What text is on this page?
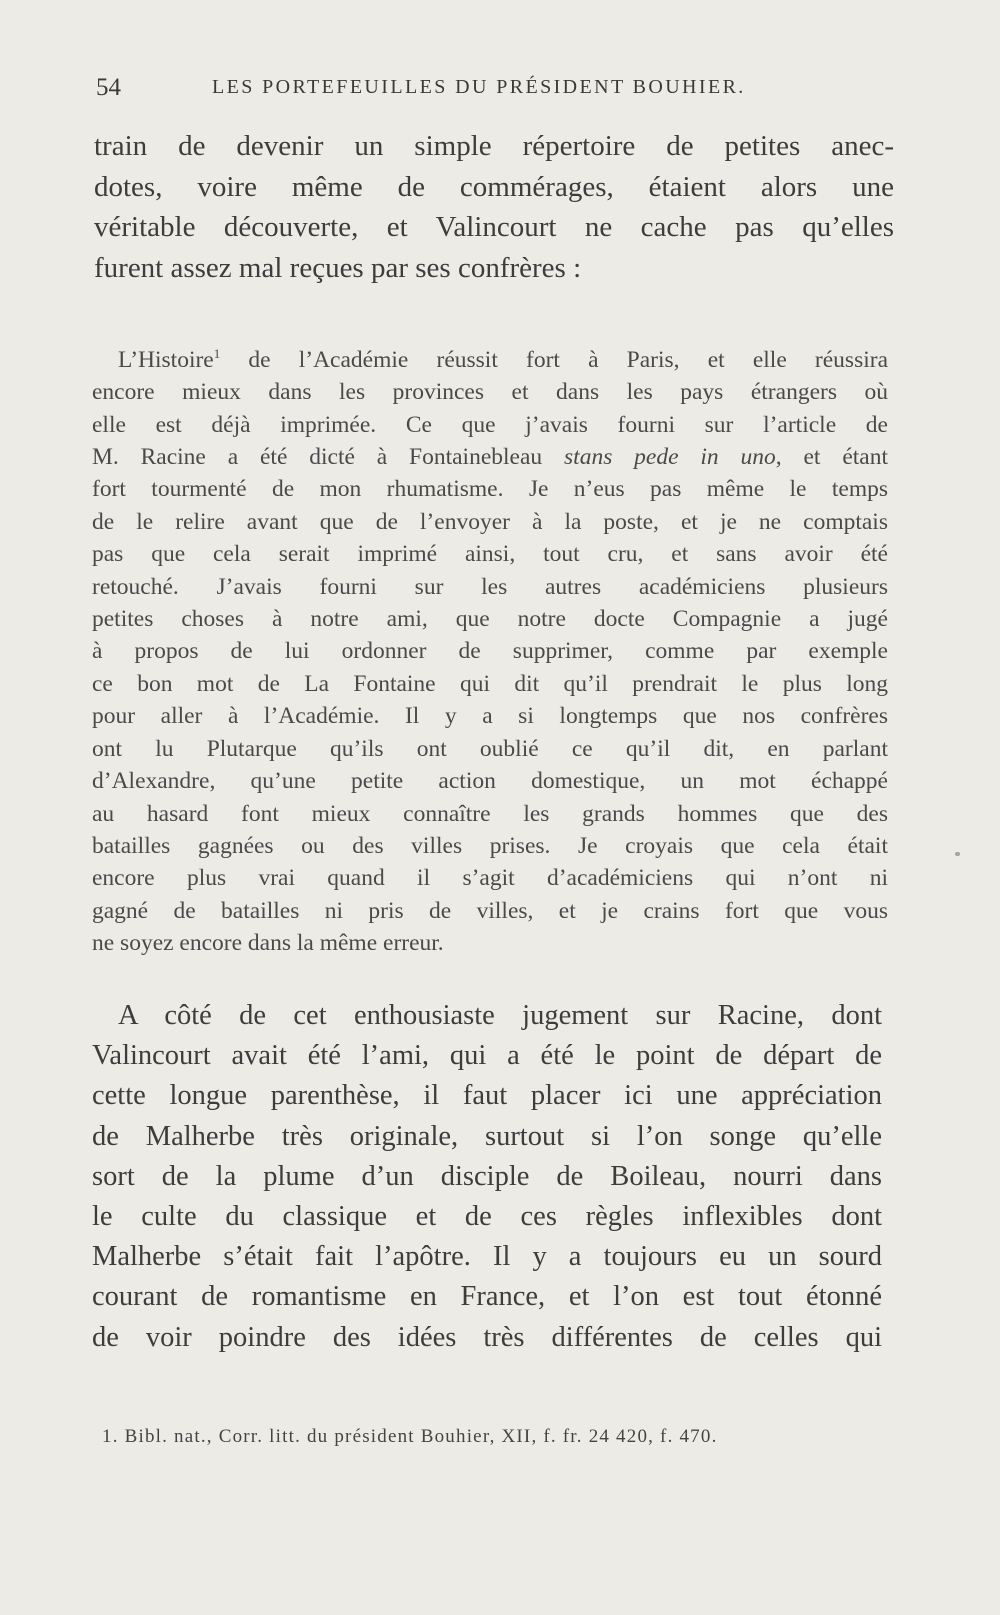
54	LES PORTEFEUILLES DU PRÉSIDENT BOUHIER.
train de devenir un simple répertoire de petites anec-
dotes, voire même de commérages, étaient alors une
véritable découverte, et Valincourt ne cache pas qu’elles
furent assez mal reçues par ses confrères :
L’Histoire$^1$ de l’Académie réussit fort à Paris, et elle réussira
encore mieux dans les provinces et dans les pays étrangers où
elle est déjà imprimée. Ce que j’avais fourni sur l’article de
M. Racine a été dicté à Fontainebleau stans pede in uno, et étant
fort tourmenté de mon rhumatisme. Je n’eus pas même le temps
de le relire avant que de l’envoyer à la poste, et je ne comptais
pas que cela serait imprimé ainsi, tout cru, et sans avoir été
retouché. J’avais fourni sur les autres académiciens plusieurs
petites choses à notre ami, que notre docte Compagnie a jugé
à propos de lui ordonner de supprimer, comme par exemple
ce bon mot de La Fontaine qui dit qu’il prendrait le plus long
pour aller à l’Académie. Il y a si longtemps que nos confrères
ont lu Plutarque qu’ils ont oublié ce qu’il dit, en parlant
d’Alexandre, qu’une petite action domestique, un mot échappé
au hasard font mieux connaître les grands hommes que des
batailles gagnées ou des villes prises. Je croyais que cela était
encore plus vrai quand il s’agit d’académiciens qui n’ont ni
gagné de batailles ni pris de villes, et je crains fort que vous
ne soyez encore dans la même erreur.
A côté de cet enthousiaste jugement sur Racine, dont
Valincourt avait été l’ami, qui a été le point de départ de
cette longue parenthèse, il faut placer ici une appréciation
de Malherbe très originale, surtout si l’on songe qu’elle
sort de la plume d’un disciple de Boileau, nourri dans
le culte du classique et de ces règles inflexibles dont
Malherbe s’était fait l’apôtre. Il y a toujours eu un sourd
courant de romantisme en France, et l’on est tout étonné
de voir poindre des idées très différentes de celles qui
1. Bibl. nat., Corr. litt. du président Bouhier, XII, f. fr. 24 420, f. 470.
